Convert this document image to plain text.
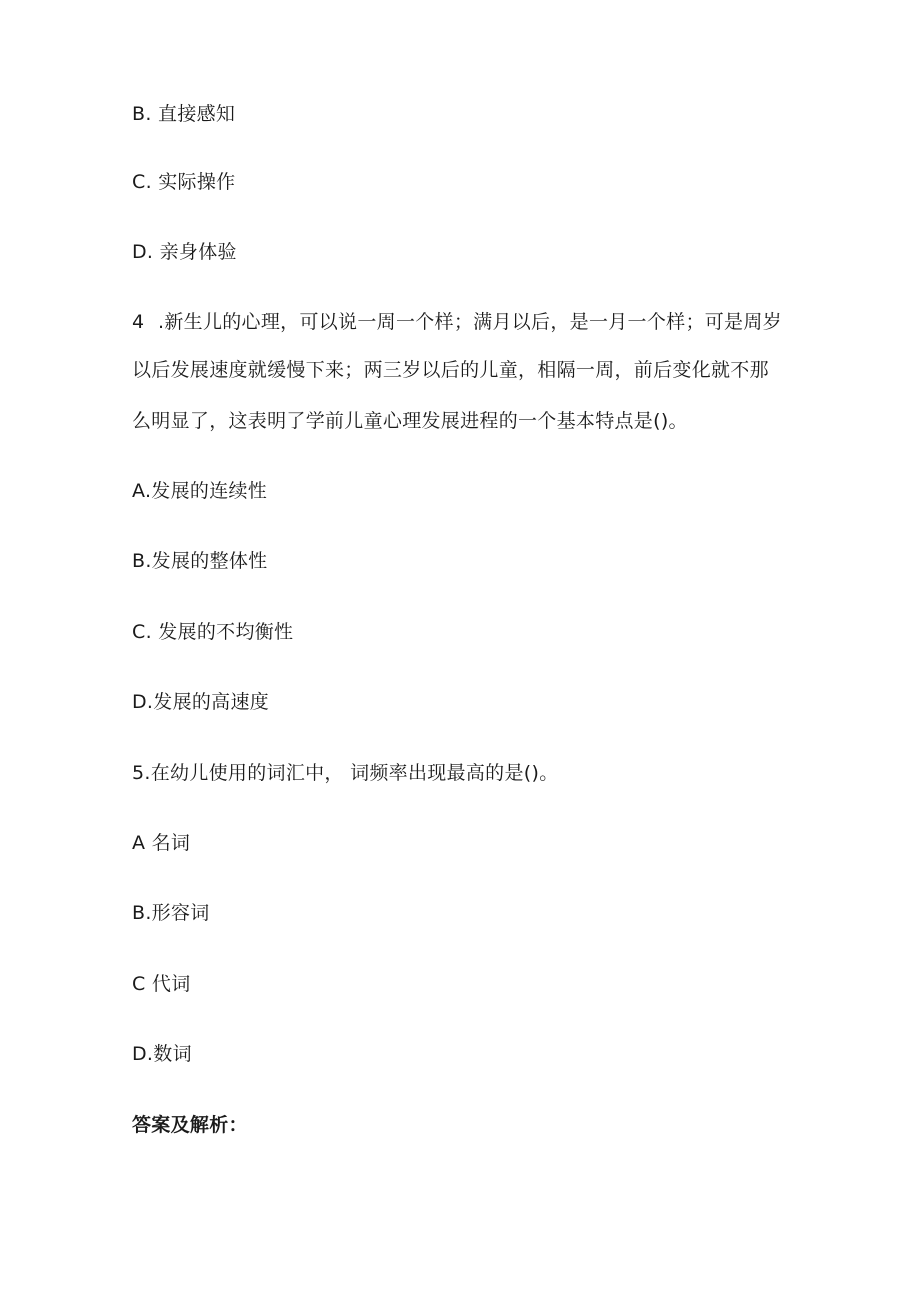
B. 直接感知
C. 实际操作
D. 亲身体验
4 .新生儿的心理，可以说一周一个样；满月以后，是一月一个样；可是周岁
以后发展速度就缓慢下来；两三岁以后的儿童，相隔一周，前后变化就不那
么明显了，这表明了学前儿童心理发展进程的一个基本特点是()。
A.发展的连续性
B.发展的整体性
C. 发展的不均衡性
D.发展的高速度
5.在幼儿使用的词汇中， 词频率出现最高的是()。
A 名词
B.形容词
C 代词
D.数词
答案及解析：
